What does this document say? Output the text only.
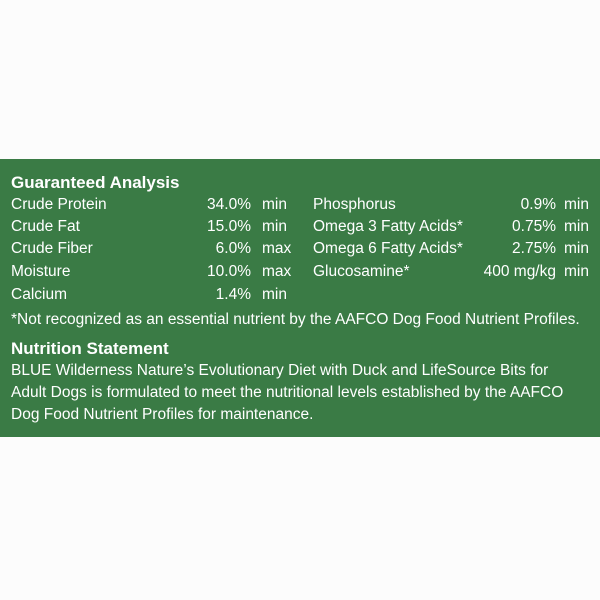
Guaranteed Analysis
Crude Protein	34.0% min
Crude Fat	15.0% min
Crude Fiber	6.0% max
Moisture	10.0% max
Calcium	1.4% min
Phosphorus	0.9% min
Omega 3 Fatty Acids*	0.75% min
Omega 6 Fatty Acids*	2.75% min
Glucosamine*	400 mg/kg min
*Not recognized as an essential nutrient by the AAFCO Dog Food Nutrient Profiles.
Nutrition Statement
BLUE Wilderness Nature’s Evolutionary Diet with Duck and LifeSource Bits for
Adult Dogs is formulated to meet the nutritional levels established by the AAFCO
Dog Food Nutrient Profiles for maintenance.
